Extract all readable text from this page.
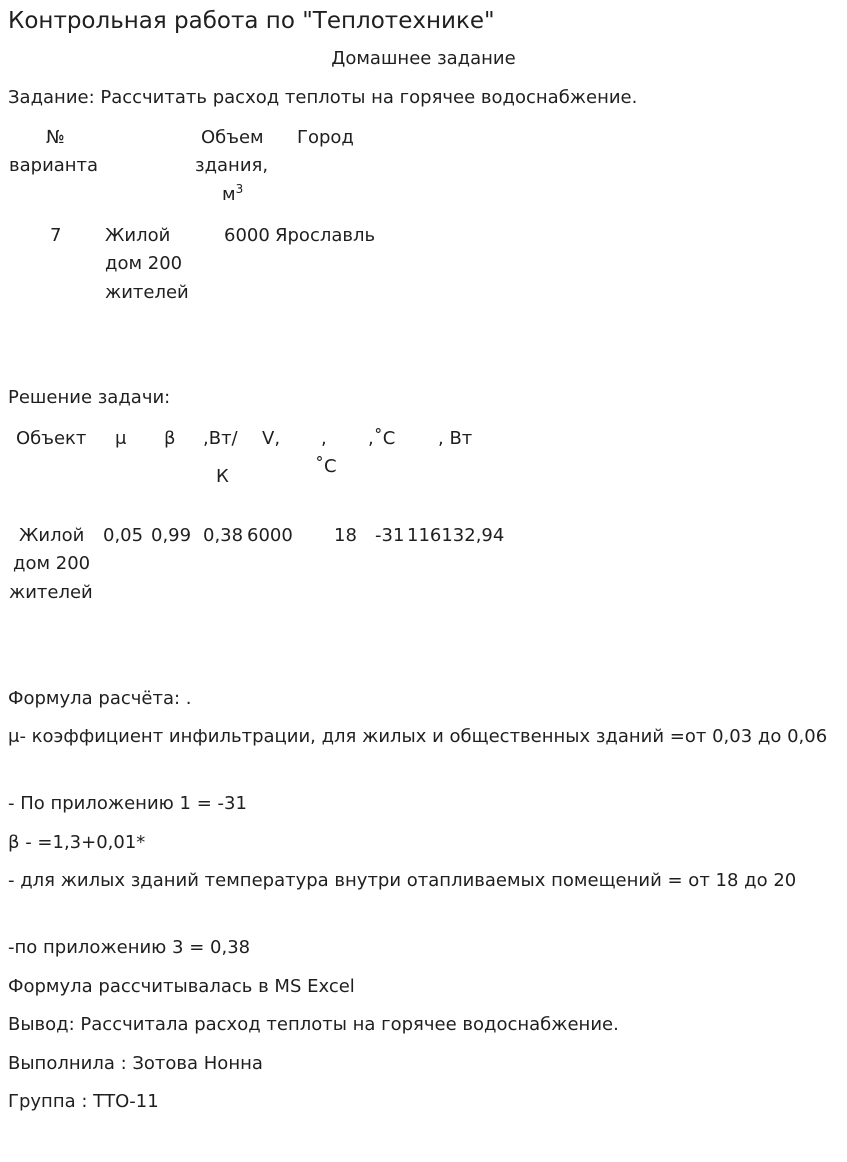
Контрольная работа по "Теплотехнике"
Домашнее задание
Задание: Рассчитать расход теплоты на горячее водоснабжение.
№
варианта
Объем
здания,
$м^3$
Город
7 Жилой
дом 200
жителей
6000 Ярославль
Решение задачи:
Объект μ β ,Вт/
К
V, ,
˚С
,˚С , Вт
Жилой
дом 200
жителей
0,05 0,99 0,38 6000 18 -31 116132,94
Формула расчёта: .
μ- коэффициент инфильтрации, для жилых и общественных зданий =от 0,03 до 0,06
- По приложению 1 = -31
β - =1,3+0,01*
- для жилых зданий температура внутри отапливаемых помещений = от 18 до 20
-по приложению 3 = 0,38
Формула рассчитывалась в MS Excel
Вывод: Рассчитала расход теплоты на горячее водоснабжение.
Выполнила : Зотова Нонна
Группа : ТТО-11
